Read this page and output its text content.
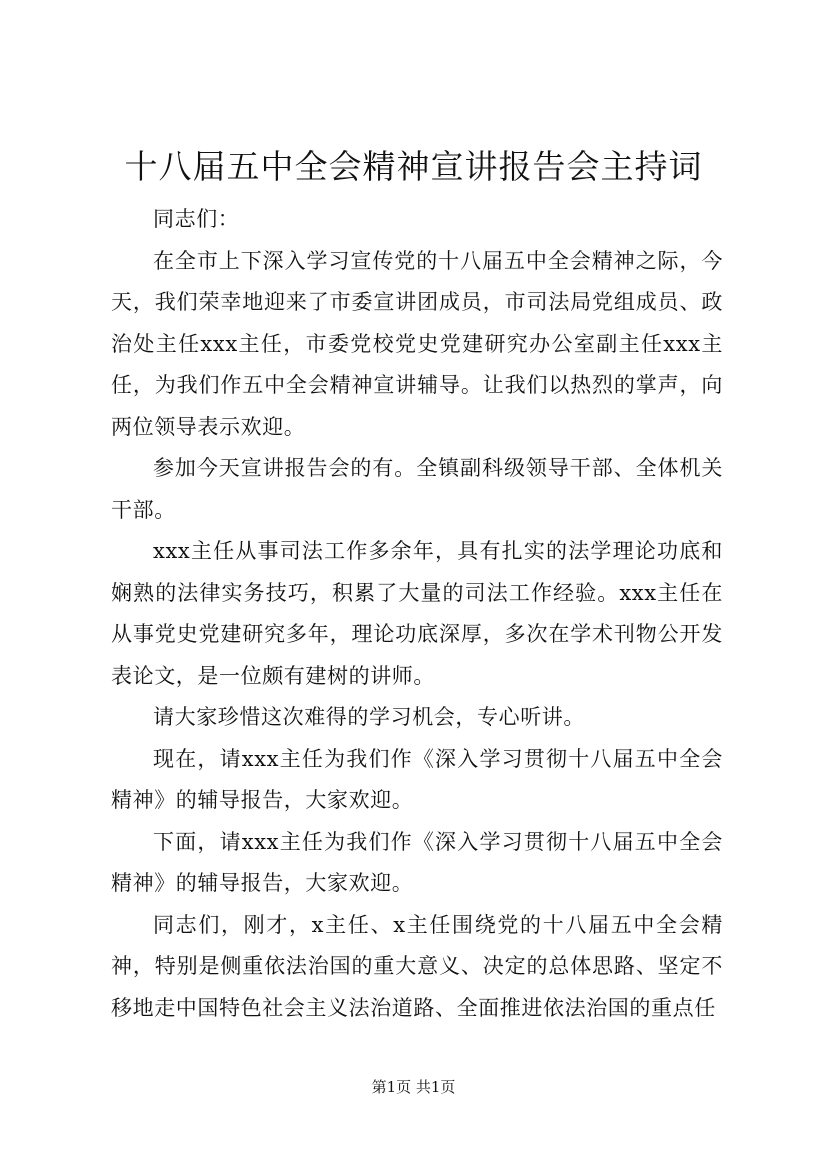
十八届五中全会精神宣讲报告会主持词

同志们：

在全市上下深入学习宣传党的十八届五中全会精神之际，今天，我们荣幸地迎来了市委宣讲团成员，市司法局党组成员、政治处主任xxx主任，市委党校党史党建研究办公室副主任xxx主任，为我们作五中全会精神宣讲辅导。让我们以热烈的掌声，向两位领导表示欢迎。

参加今天宣讲报告会的有。全镇副科级领导干部、全体机关干部。

xxx主任从事司法工作多余年，具有扎实的法学理论功底和娴熟的法律实务技巧，积累了大量的司法工作经验。xxx主任在从事党史党建研究多年，理论功底深厚，多次在学术刊物公开发表论文，是一位颇有建树的讲师。

请大家珍惜这次难得的学习机会，专心听讲。

现在，请xxx主任为我们作《深入学习贯彻十八届五中全会精神》的辅导报告，大家欢迎。

下面，请xxx主任为我们作《深入学习贯彻十八届五中全会精神》的辅导报告，大家欢迎。

同志们，刚才，x主任、x主任围绕党的十八届五中全会精神，特别是侧重依法治国的重大意义、决定的总体思路、坚定不移地走中国特色社会主义法治道路、全面推进依法治国的重点任

第1页 共1页
